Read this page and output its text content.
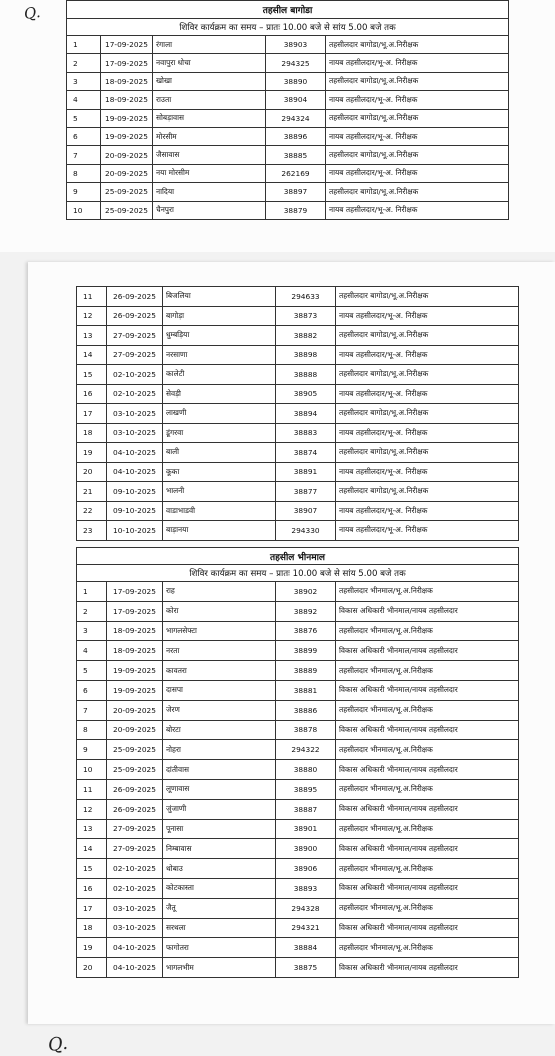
Q.	तहसील बागोडा				
शिविर कार्यक्रम का समय – प्रातः 10.00 बजे से सांय 5.00 बजे तक				
1	17-09-2025	रंगाला	38903	तहसीलदार बागोडा/भू.अ.निरीक्षक
2	17-09-2025	नवापुरा धोचा	294325	नायब तहसीलदार/भू-अ. निरीक्षक
3	18-09-2025	खोखा	38890	तहसीलदार बागोडा/भू.अ.निरीक्षक
4	18-09-2025	राउता	38904	नायब तहसीलदार/भू-अ. निरीक्षक
5	19-09-2025	सोबड़ावास	294324	तहसीलदार बागोडा/भू.अ.निरीक्षक
6	19-09-2025	मोरसीम	38896	नायब तहसीलदार/भू-अ. निरीक्षक
7	20-09-2025	जैसावास	38885	तहसीलदार बागोडा/भू.अ.निरीक्षक
8	20-09-2025	नया मोरसीम	262169	नायब तहसीलदार/भू-अ. निरीक्षक
9	25-09-2025	नादिया	38897	तहसीलदार बागोडा/भू.अ.निरीक्षक
10	25-09-2025	चैनपुरा	38879	नायब तहसीलदार/भू-अ. निरीक्षक
Q.
11	26-09-2025	बिजलिया	294633	तहसीलदार बागोडा/भू.अ.निरीक्षक
12	26-09-2025	बागोड़ा	38873	नायब तहसीलदार/भू-अ. निरीक्षक
13	27-09-2025	धुम्बड़िया	38882	तहसीलदार बागोडा/भू.अ.निरीक्षक
14	27-09-2025	नरसाणा	38898	नायब तहसीलदार/भू-अ. निरीक्षक
15	02-10-2025	कालेटी	38888	तहसीलदार बागोडा/भू.अ.निरीक्षक
16	02-10-2025	सेवड़ी	38905	नायब तहसीलदार/भू-अ. निरीक्षक
17	03-10-2025	लाखणी	38894	तहसीलदार बागोडा/भू.अ.निरीक्षक
18	03-10-2025	डूंगरवा	38883	नायब तहसीलदार/भू-अ. निरीक्षक
19	04-10-2025	बाली	38874	तहसीलदार बागोडा/भू.अ.निरीक्षक
20	04-10-2025	कूका	38891	नायब तहसीलदार/भू-अ. निरीक्षक
21	09-10-2025	भालनी	38877	तहसीलदार बागोडा/भू.अ.निरीक्षक
22	09-10-2025	वाडाभाडवी	38907	नायब तहसीलदार/भू-अ. निरीक्षक
23	10-10-2025	बाड़ानया	294330	नायब तहसीलदार/भू-अ. निरीक्षक
तहसील भीनमाल				
शिविर कार्यक्रम का समय – प्रातः 10.00 बजे से सांय 5.00 बजे तक				
1	17-09-2025	राह	38902	तहसीलदार भीनमाल/भू.अ.निरीक्षक
2	17-09-2025	कोरा	38892	विकास अधिकारी भीनमाल/नायब तहसीलदार
3	18-09-2025	भागलसेफ्टा	38876	तहसीलदार भीनमाल/भू.अ.निरीक्षक
4	18-09-2025	नरता	38899	विकास अधिकारी भीनमाल/नायब तहसीलदार
5	19-09-2025	कावतरा	38889	तहसीलदार भीनमाल/भू.अ.निरीक्षक
6	19-09-2025	दासपा	38881	विकास अधिकारी भीनमाल/नायब तहसीलदार
7	20-09-2025	जेरण	38886	तहसीलदार भीनमाल/भू.अ.निरीक्षक
8	20-09-2025	बोरटा	38878	विकास अधिकारी भीनमाल/नायब तहसीलदार
9	25-09-2025	नोहरा	294322	तहसीलदार भीनमाल/भू.अ.निरीक्षक
10	25-09-2025	दांतीवास	38880	विकास अधिकारी भीनमाल/नायब तहसीलदार
11	26-09-2025	लूणावास	38895	तहसीलदार भीनमाल/भू.अ.निरीक्षक
12	26-09-2025	जुंजाणी	38887	विकास अधिकारी भीनमाल/नायब तहसीलदार
13	27-09-2025	पूनासा	38901	तहसीलदार भीनमाल/भू.अ.निरीक्षक
14	27-09-2025	निम्बावास	38900	विकास अधिकारी भीनमाल/नायब तहसीलदार
15	02-10-2025	थोबाउ	38906	तहसीलदार भीनमाल/भू.अ.निरीक्षक
16	02-10-2025	कोटकास्ता	38893	विकास अधिकारी भीनमाल/नायब तहसीलदार
17	03-10-2025	जैतू	294328	तहसीलदार भीनमाल/भू.अ.निरीक्षक
18	03-10-2025	सरथला	294321	विकास अधिकारी भीनमाल/नायब तहसीलदार
19	04-10-2025	फागोतरा	38884	तहसीलदार भीनमाल/भू.अ.निरीक्षक
20	04-10-2025	भागलभीम	38875	विकास अधिकारी भीनमाल/नायब तहसीलदार
